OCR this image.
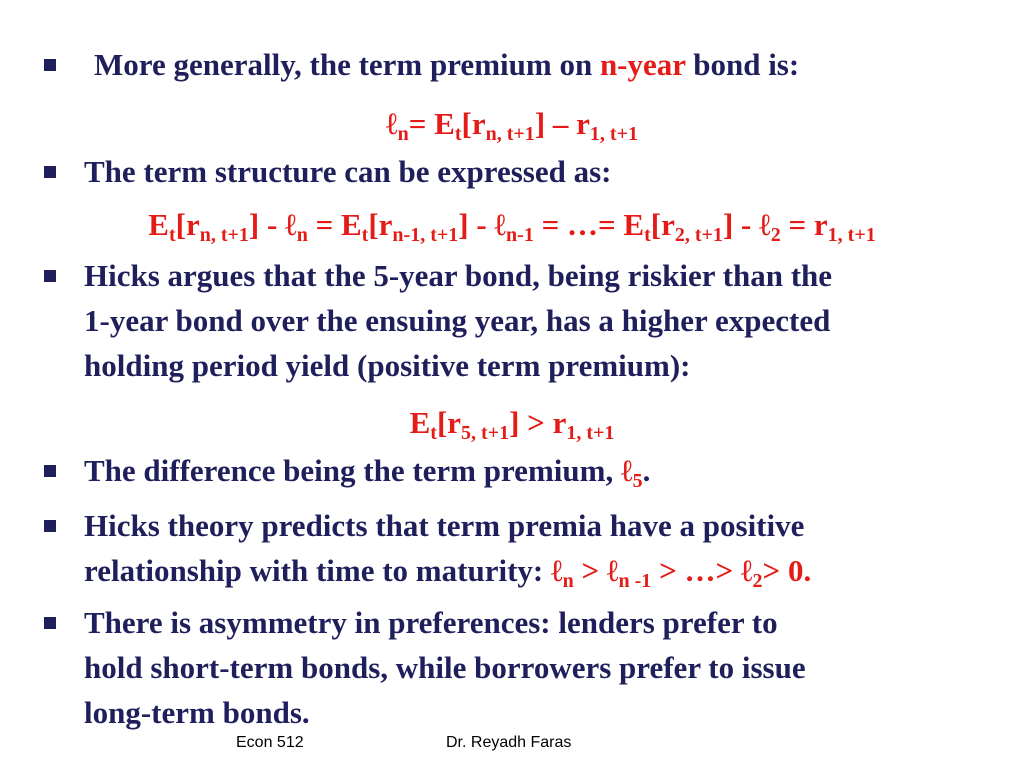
More generally, the term premium on n-year bond is:
ℓ$_n$= $E_t[r_{n, t+1}] - r_{1, t+1}$
The term structure can be expressed as:
$E_t[r_{n, t+1}]$ - ℓ$_n$ = $E_t[r_{n-1, t+1}]$ - ℓ$_{n-1}$ = …= $E_t[r_{2, t+1}]$ - ℓ$_2$ = $r_{1, t+1}$
Hicks argues that the 5-year bond, being riskier than the
1-year bond over the ensuing year, has a higher expected
holding period yield (positive term premium):
$E_t[r_{5, t+1}] > r_{1, t+1}$
The difference being the term premium, ℓ$_5$.
Hicks theory predicts that term premia have a positive
relationship with time to maturity: ℓ$_n$ > ℓ$_{n -1}$ > …> ℓ$_2$> 0.
There is asymmetry in preferences: lenders prefer to
hold short-term bonds, while borrowers prefer to issue
long-term bonds.
Econ 512	Dr. Reyadh Faras
